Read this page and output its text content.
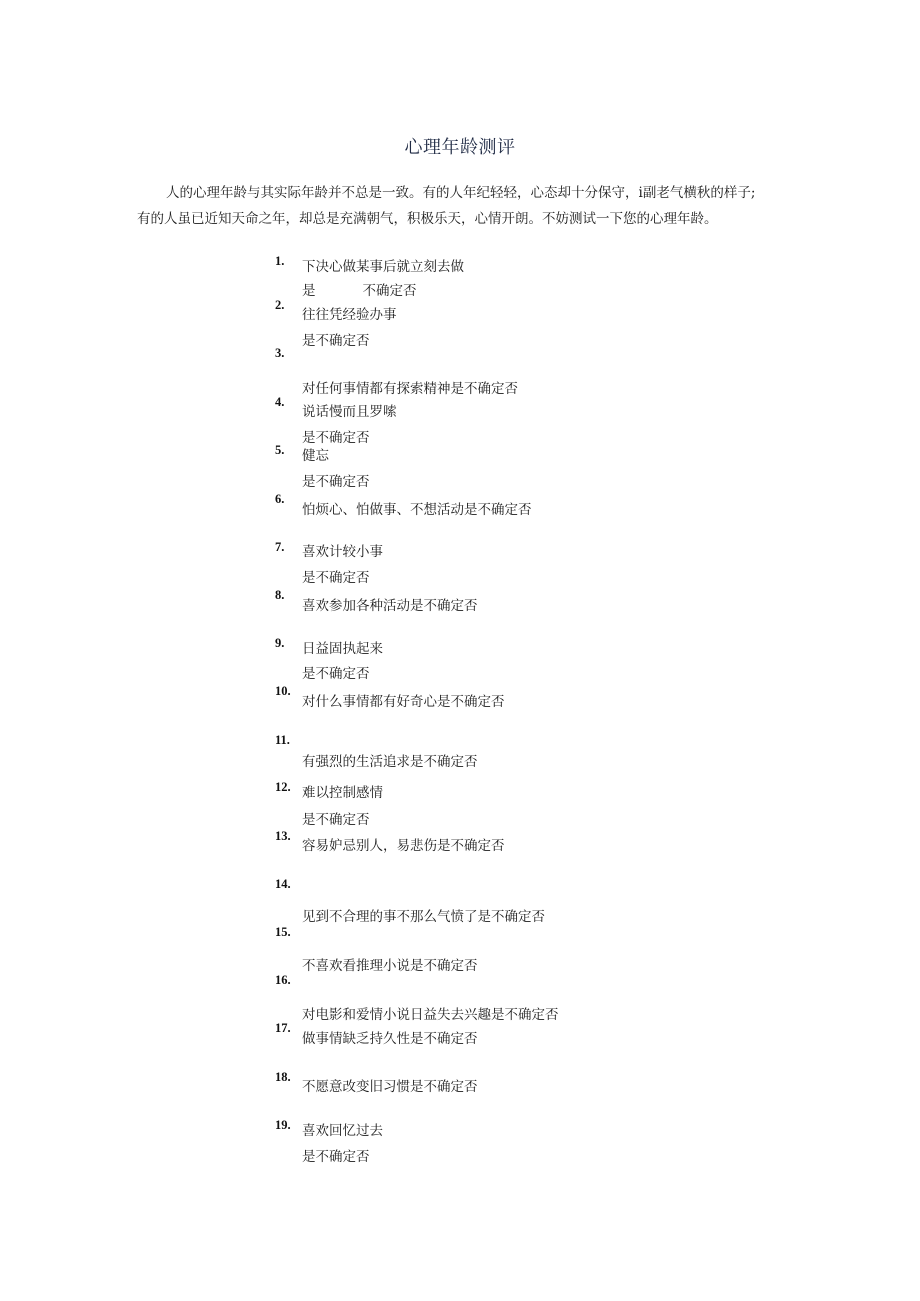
心理年龄测评
人的心理年龄与其实际年龄并不总是一致。有的人年纪轻轻，心态却十分保守，i副老气横秋的样子;
有的人虽已近知天命之年，却总是充满朝气，积极乐天，心情开朗。不妨测试一下您的心理年龄。
1. 下决心做某事后就立刻去做
是	不确定否
2.
往往凭经验办事
是不确定否
3.
对任何事情都有探索精神是不确定否
4.
说话慢而且罗嗦
是不确定否
5. 健忘
是不确定否
6.
怕烦心、怕做事、不想活动是不确定否
7. 喜欢计较小事
是不确定否
8.
喜欢参加各种活动是不确定否
9. 日益固执起来
是不确定否
10.
对什么事情都有好奇心是不确定否
11.
有强烈的生活追求是不确定否
12. 难以控制感情
是不确定否
13.
容易妒忌别人，易悲伤是不确定否
14.
见到不合理的事不那么气愤了是不确定否
15.
不喜欢看推理小说是不确定否
16.
对电影和爱情小说日益失去兴趣是不确定否
17.
做事情缺乏持久性是不确定否
18.
不愿意改变旧习惯是不确定否
19. 喜欢回忆过去
是不确定否
